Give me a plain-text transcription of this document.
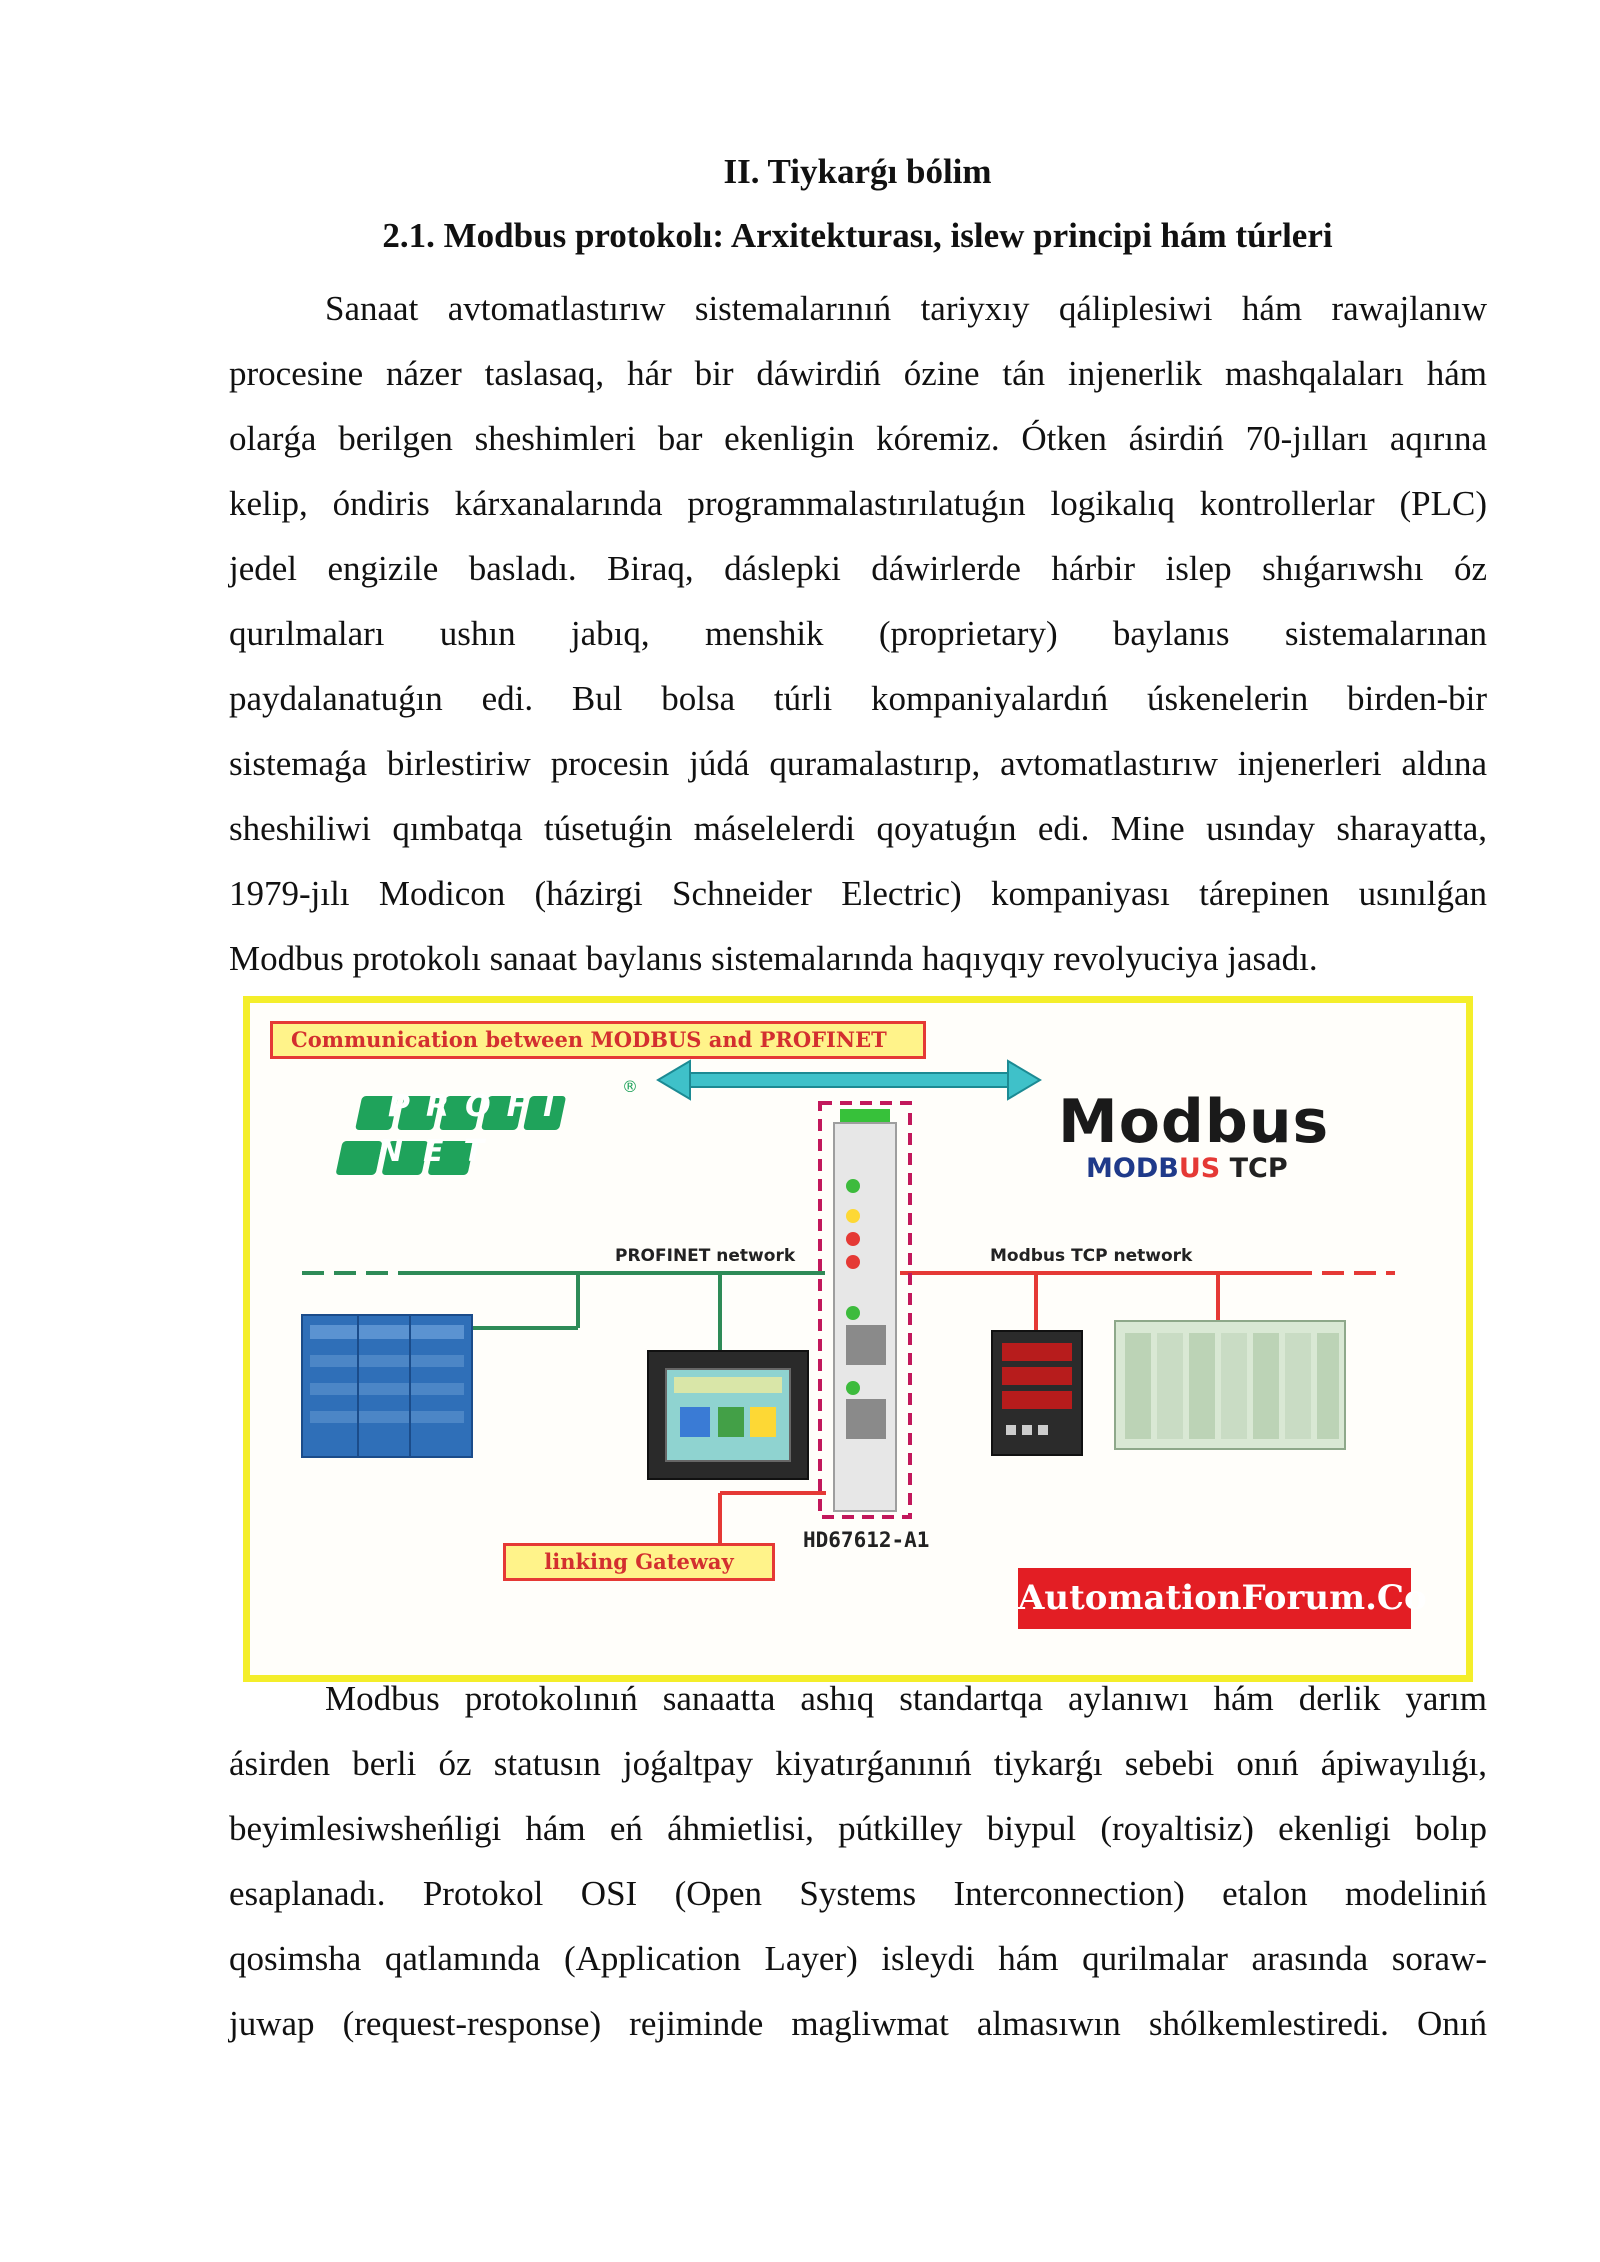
II. Tiykarǵı bólim
2.1. Modbus protokolı: Arxitekturası, islew principi hám túrleri
Sanaat avtomatlastırıw sistemalarınıń tariyxıy qáliplesiwi hám rawajlanıw
procesine názer taslasaq, hár bir dáwirdiń ózine tán injenerlik mashqalaları hám
olarǵa berilgen sheshimleri bar ekenligin kóremiz. Ótken ásirdiń 70-jılları aqırına
kelip, óndiris kárxanalarında programmalastırılatuǵın logikalıq kontrollerlar (PLC)
jedel engizile basladı. Biraq, dáslepki dáwirlerde hárbir islep shıǵarıwshı óz
qurılmaları ushın jabıq, menshik (proprietary) baylanıs sistemalarınan
paydalanatuǵın edi. Bul bolsa túrli kompaniyalardıń úskenelerin birden-bir
sistemaǵa birlestiriw procesin júdá quramalastırıp, avtomatlastırıw injenerleri aldına
sheshiliwi qımbatqa túsetuǵin máselelerdi qoyatuǵın edi. Mine usınday sharayatta,
1979-jılı Modicon (házirgi Schneider Electric) kompaniyası tárepinen usınılǵan
Modbus protokolı sanaat baylanıs sistemalarında haqıyqıy revolyuciya jasadı.
Communication between MODBUS and PROFINET
Modbus
MODBUS TCP
PROFINET network	Modbus TCP network
PROFI
NET
®
HD67612-A1
linking Gateway
AutomationForum.Co
Modbus protokolınıń sanaatta ashıq standartqa aylanıwı hám derlik yarım
ásirden berli óz statusın joǵaltpay kiyatırǵanınıń tiykarǵı sebebi onıń ápiwayılıǵı,
beyimlesiwsheńligi hám eń áhmietlisi, pútkilley biypul (royaltisiz) ekenligi bolıp
esaplanadı. Protokol OSI (Open Systems Interconnection) etalon modeliniń
qosimsha qatlamında (Application Layer) isleydi hám qurilmalar arasında soraw-
juwap (request-response) rejiminde magliwmat almasıwın shólkemlestiredi. Onıń
